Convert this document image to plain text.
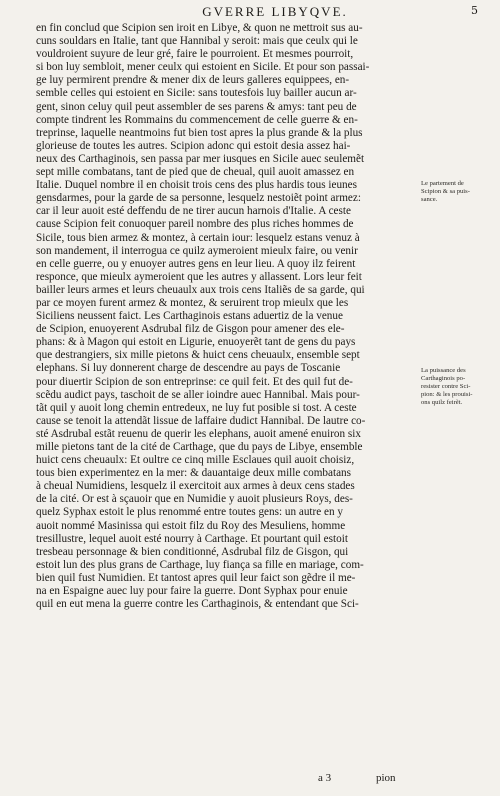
GVERRE LIBYQVE.	5
en fin conclud que Scipion sen iroit en Libye, & quon ne mettroit sus au-
cuns souldars en Italie, tant que Hannibal y seroit: mais que ceulx qui le
vouldroient suyure de leur gré, faire le pourroient. Et mesmes pourroit,
si bon luy sembloit, mener ceulx qui estoient en Sicile. Et pour son passai-
ge luy permirent prendre & mener dix de leurs galleres equippees, en-
semble celles qui estoient en Sicile: sans toutesfois luy bailler aucun ar-
gent, sinon celuy quil peut assembler de ses parens & amys: tant peu de
compte tindrent les Rommains du commencement de celle guerre & en-
treprinse, laquelle neantmoins fut bien tost apres la plus grande & la plus
glorieuse de toutes les autres. Scipion adonc qui estoit desia assez hai-
neux des Carthaginois, sen passa par mer iusques en Sicile auec seulemẽt
sept mille combatans, tant de pied que de cheual, quil auoit amassez en
Italie. Duquel nombre il en choisit trois cens des plus hardis tous ieunes
gensdarmes, pour la garde de sa personne, lesquelz nestoiẽt point armez:
car il leur auoit esté deffendu de ne tirer aucun harnois d'Italie. A ceste
cause Scipion feit conuoquer pareil nombre des plus riches hommes de
Sicile, tous bien armez & montez, à certain iour: lesquelz estans venuz à
son mandement, il interrogua ce quilz aymeroient mieulx faire, ou venir
en celle guerre, ou y enuoyer autres gens en leur lieu. A quoy ilz feirent
responce, que mieulx aymeroient que les autres y allassent. Lors leur feit
bailler leurs armes et leurs cheuaulx aux trois cens Italiẽs de sa garde, qui
par ce moyen furent armez & montez, & seruirent trop mieulx que les
Siciliens neussent faict. Les Carthaginois estans aduertiz de la venue
de Scipion, enuoyerent Asdrubal filz de Gisgon pour amener des ele-
phans: & à Magon qui estoit en Ligurie, enuoyerẽt tant de gens du pays
que destrangiers, six mille pietons & huict cens cheuaulx, ensemble sept
elephans. Si luy donnerent charge de descendre au pays de Toscanie
pour diuertir Scipion de son entreprinse: ce quil feit. Et des quil fut de-
scẽdu audict pays, taschoit de se aller ioindre auec Hannibal. Mais pour-
tãt quil y auoit long chemin entredeux, ne luy fut posible si tost. A ceste
cause se tenoit la attendãt lissue de laffaire dudict Hannibal. De lautre co-
sté Asdrubal estãt reuenu de querir les elephans, auoit amené enuiron six
mille pietons tant de la cité de Carthage, que du pays de Libye, ensemble
huict cens cheuaulx: Et oultre ce cinq mille Esclaues quil auoit choisiz,
tous bien experimentez en la mer: & dauantaige deux mille combatans
à cheual Numidiens, lesquelz il exercitoit aux armes à deux cens stades
de la cité. Or est à sçauoir que en Numidie y auoit plusieurs Roys, des-
quelz Syphax estoit le plus renommé entre toutes gens: un autre en y
auoit nommé Masinissa qui estoit filz du Roy des Mesuliens, homme
tresillustre, lequel auoit esté nourry à Carthage. Et pourtant quil estoit
tresbeau personnage & bien conditionné, Asdrubal filz de Gisgon, qui
estoit lun des plus grans de Carthage, luy fiança sa fille en mariage, com-
bien quil fust Numidien. Et tantost apres quil leur faict son gẽdre il me-
na en Espaigne auec luy pour faire la guerre. Dont Syphax pour enuie
quil en eut mena la guerre contre les Carthaginois, & entendant que Sci-
Le partement de
Scipion & sa puis-
sance.
La puissance des
Carthaginois po-
resister contre Sci-
pion: & les prouisi-
ons quilz feirẽt.
a 3	pion
